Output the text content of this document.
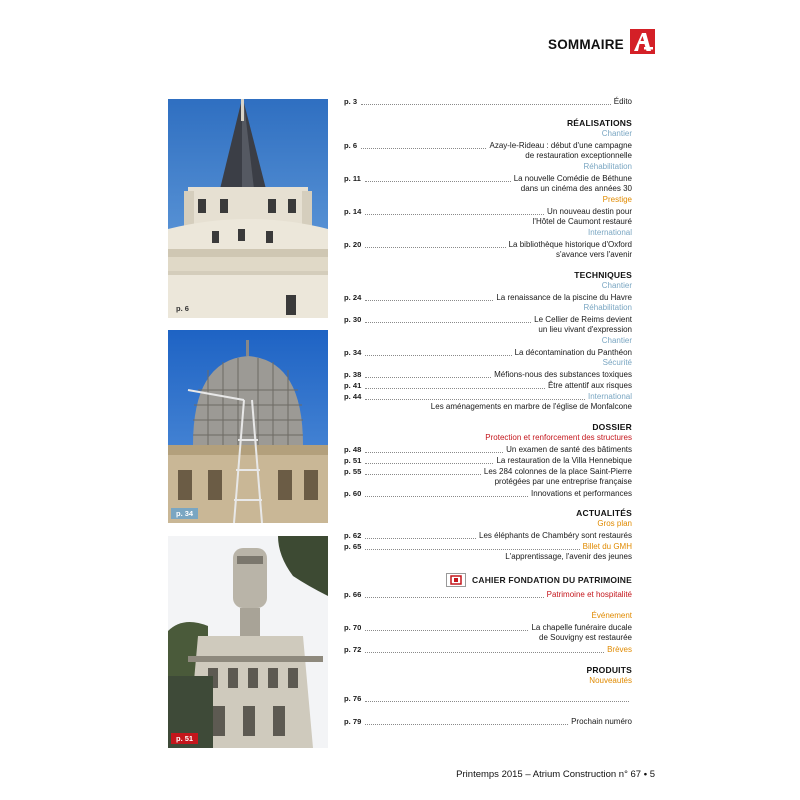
SOMMAIRE
p. 6
p. 34
p. 51
p. 3	Édito
RÉALISATIONS
Chantier
p. 6	Azay-le-Rideau : début d'une campagne
de restauration exceptionnelle
Réhabilitation
p. 11	La nouvelle Comédie de Béthune
dans un cinéma des années 30
Prestige
p. 14	Un nouveau destin pour
l'Hôtel de Caumont restauré
International
p. 20	La bibliothèque historique d'Oxford
s'avance vers l'avenir
TECHNIQUES
Chantier
p. 24	La renaissance de la piscine du Havre
Réhabilitation
p. 30	Le Cellier de Reims devient
un lieu vivant d'expression
Chantier
p. 34	La décontamination du Panthéon
Sécurité
p. 38	Méfions-nous des substances toxiques
p. 41	Être attentif aux risques
p. 44	International
Les aménagements en marbre de l'église de Monfalcone
DOSSIER
Protection et renforcement des structures
p. 48	Un examen de santé des bâtiments
p. 51	La restauration de la Villa Hennebique
p. 55	Les 284 colonnes de la place Saint-Pierre
protégées par une entreprise française
p. 60	Innovations et performances
ACTUALITÉS
Gros plan
p. 62	Les éléphants de Chambéry sont restaurés
p. 65	Billet du GMH
L'apprentissage, l'avenir des jeunes
CAHIER FONDATION DU PATRIMOINE
p. 66	Patrimoine et hospitalité
Événement
p. 70	La chapelle funéraire ducale
de Souvigny est restaurée
p. 72	Brèves
PRODUITS
Nouveautés
p. 76
p. 79	Prochain numéro
Printemps 2015 – Atrium Construction n° 67 • 5
